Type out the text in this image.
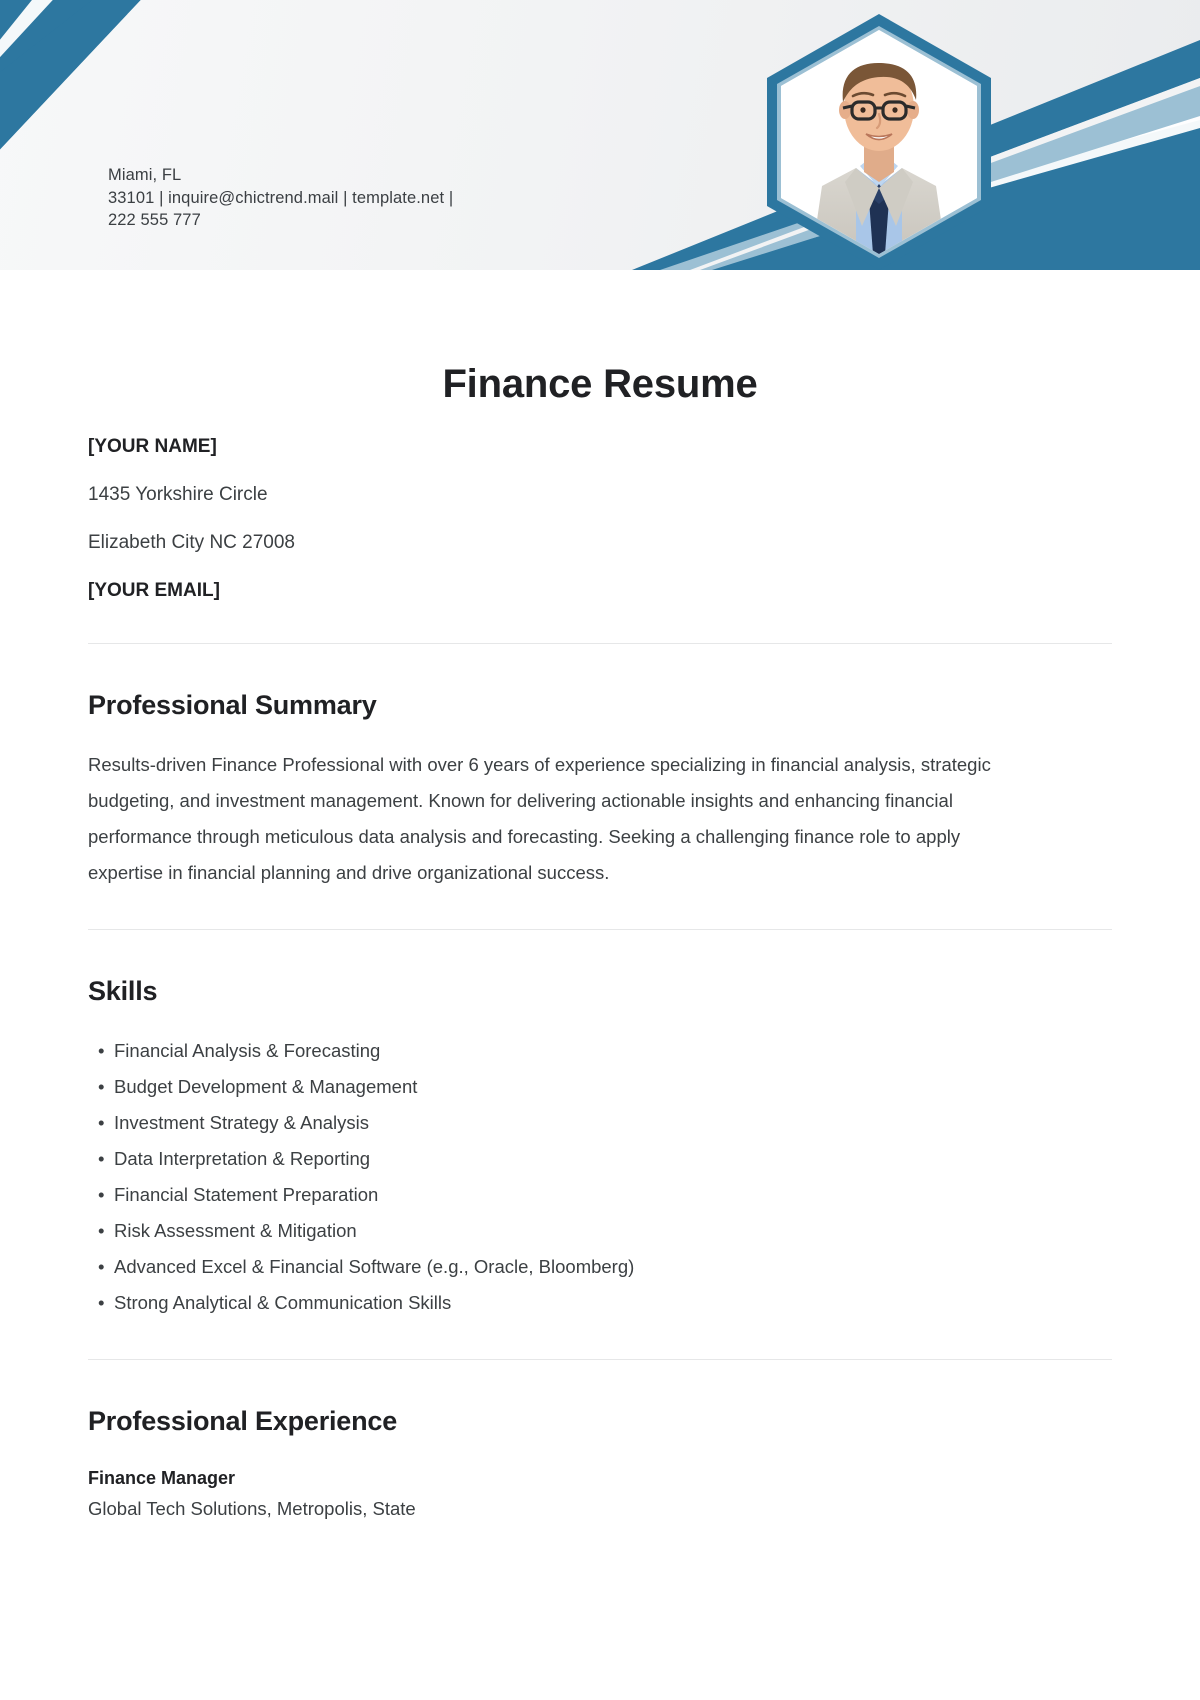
Miami, FL
33101 | inquire@chictrend.mail | template.net |
222 555 777
Finance Resume
[YOUR NAME]
1435 Yorkshire Circle
Elizabeth City NC 27008
[YOUR EMAIL]
Professional Summary

Results-driven Finance Professional with over 6 years of experience specializing in financial analysis, strategic budgeting, and investment management. Known for delivering actionable insights and enhancing financial performance through meticulous data analysis and forecasting. Seeking a challenging finance role to apply expertise in financial planning and drive organizational success.

Skills
• Financial Analysis & Forecasting
• Budget Development & Management
• Investment Strategy & Analysis
• Data Interpretation & Reporting
• Financial Statement Preparation
• Risk Assessment & Mitigation
• Advanced Excel & Financial Software (e.g., Oracle, Bloomberg)
• Strong Analytical & Communication Skills
Professional Experience
Finance Manager
Global Tech Solutions, Metropolis, State
